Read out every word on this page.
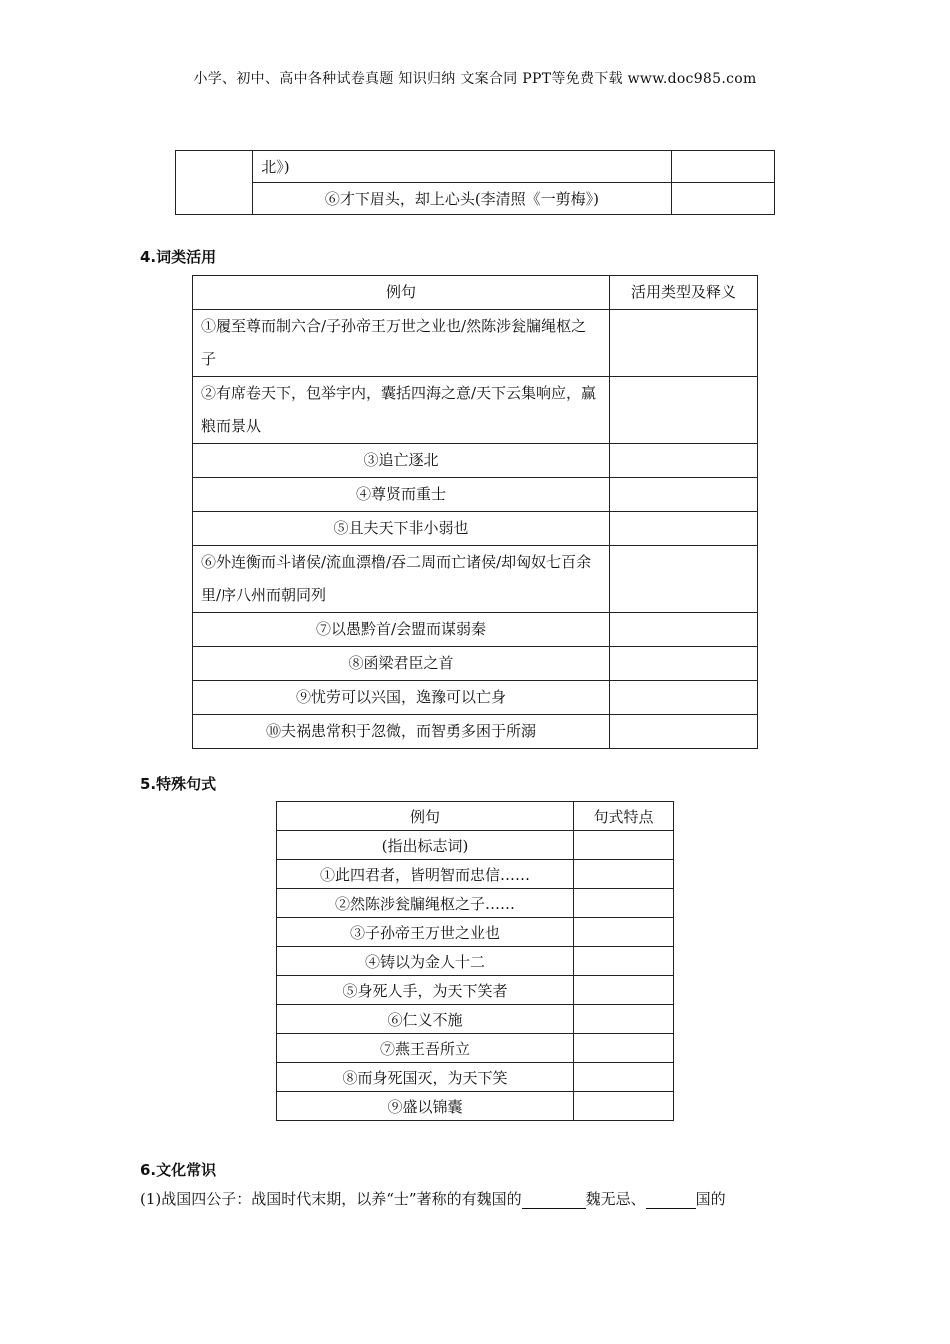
小学、初中、高中各种试卷真题 知识归纳 文案合同 PPT等免费下载 www.doc985.com
	北》)	
	⑥才下眉头，却上心头(李清照《一剪梅》)	
4.词类活用
例句	活用类型及释义
①履至尊而制六合/子孙帝王万世之业也/然陈涉瓮牖绳枢之子	
②有席卷天下，包举宇内，囊括四海之意/天下云集响应，赢粮而景从	
③追亡逐北	
④尊贤而重士	
⑤且夫天下非小弱也	
⑥外连衡而斗诸侯/流血漂橹/吞二周而亡诸侯/却匈奴七百余里/序八州而朝同列	
⑦以愚黔首/会盟而谋弱秦	
⑧函梁君臣之首	
⑨忧劳可以兴国，逸豫可以亡身	
⑩夫祸患常积于忽微，而智勇多困于所溺	
5.特殊句式
例句	句式特点
(指出标志词)	
①此四君者，皆明智而忠信……	
②然陈涉瓮牖绳枢之子……	
③子孙帝王万世之业也	
④铸以为金人十二	
⑤身死人手，为天下笑者	
⑥仁义不施	
⑦燕王吾所立	
⑧而身死国灭，为天下笑	
⑨盛以锦囊	
6.文化常识
(1)战国四公子：战国时代末期，以养“士”著称的有魏国的	魏无忌、	国的
